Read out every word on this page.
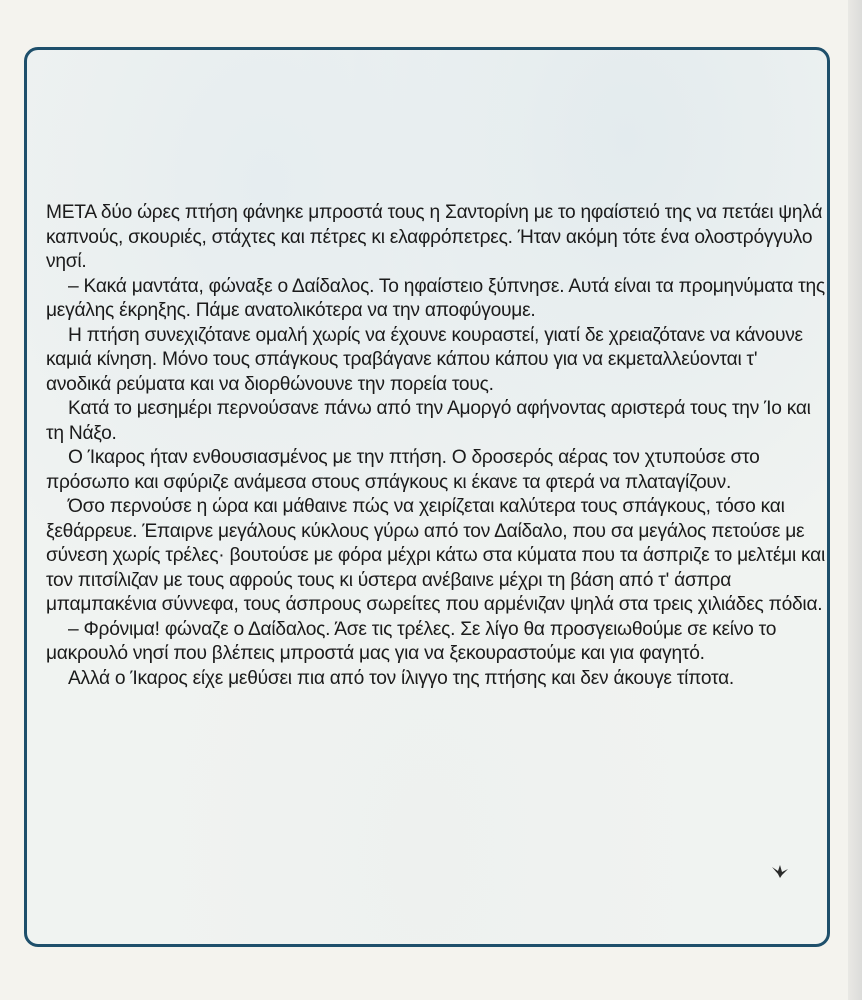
ΜΕΤΑ δύο ώρες πτήση φάνηκε μπροστά τους η Σαντορίνη με το ηφαίστειό της να πετάει ψηλά καπνούς, σκουριές, στάχτες και πέτρες κι ελαφρόπετρες. Ήταν ακόμη τότε ένα ολοστρόγγυλο νησί.

– Κακά μαντάτα, φώναξε ο Δαίδαλος. Το ηφαίστειο ξύπνησε. Αυτά είναι τα προμηνύματα της μεγάλης έκρηξης. Πάμε ανατολικότερα να την αποφύγουμε.

Η πτήση συνεχιζότανε ομαλή χωρίς να έχουνε κουραστεί, γιατί δε χρειαζότανε να κάνουνε καμιά κίνηση. Μόνο τους σπάγκους τραβάγανε κάπου κάπου για να εκμεταλλεύονται τ' ανοδικά ρεύματα και να διορθώνουνε την πορεία τους.

Κατά το μεσημέρι περνούσανε πάνω από την Αμοργό αφήνοντας αριστερά τους την Ίο και τη Νάξο.

Ο Ίκαρος ήταν ενθουσιασμένος με την πτήση. Ο δροσερός αέρας τον χτυπούσε στο πρόσωπο και σφύριζε ανάμεσα στους σπάγκους κι έκανε τα φτερά να πλαταγίζουν.

Όσο περνούσε η ώρα και μάθαινε πώς να χειρίζεται καλύτερα τους σπάγκους, τόσο και ξεθάρρευε. Έπαιρνε μεγάλους κύκλους γύρω από τον Δαίδαλο, που σα μεγάλος πετούσε με σύνεση χωρίς τρέλες· βουτούσε με φόρα μέχρι κάτω στα κύματα που τα άσπριζε το μελτέμι και τον πιτσίλιζαν με τους αφρούς τους κι ύστερα ανέβαινε μέχρι τη βάση από τ' άσπρα μπαμπακένια σύννεφα, τους άσπρους σωρείτες που αρμένιζαν ψηλά στα τρεις χιλιάδες πόδια.

– Φρόνιμα! φώναζε ο Δαίδαλος. Άσε τις τρέλες. Σε λίγο θα προσγειωθούμε σε κείνο το μακρουλό νησί που βλέπεις μπροστά μας για να ξεκουραστούμε και για φαγητό.

Αλλά ο Ίκαρος είχε μεθύσει πια από τον ίλιγγο της πτήσης και δεν άκουγε τίποτα.
